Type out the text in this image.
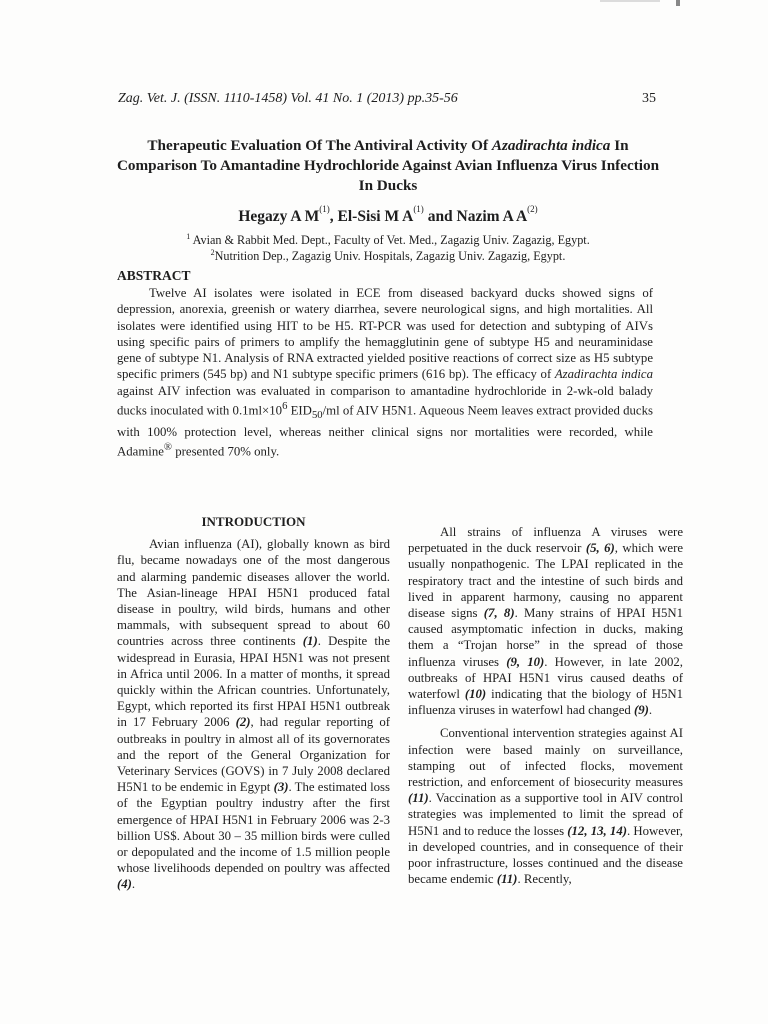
Zag. Vet. J. (ISSN. 1110-1458) Vol. 41 No. 1 (2013) pp.35-56	35
Therapeutic Evaluation Of The Antiviral Activity Of Azadirachta indica In Comparison To Amantadine Hydrochloride Against Avian Influenza Virus Infection In Ducks
Hegazy A $M^{(1)}$, El-Sisi M $A^{(1)}$ and Nazim A $A^{(2)}$
$^1$ Avian & Rabbit Med. Dept., Faculty of Vet. Med., Zagazig Univ. Zagazig, Egypt.
$^2$Nutrition Dep., Zagazig Univ. Hospitals, Zagazig Univ. Zagazig, Egypt.
ABSTRACT
Twelve AI isolates were isolated in ECE from diseased backyard ducks showed signs of depression, anorexia, greenish or watery diarrhea, severe neurological signs, and high mortalities. All isolates were identified using HIT to be H5. RT-PCR was used for detection and subtyping of AIVs using specific pairs of primers to amplify the hemagglutinin gene of subtype H5 and neuraminidase gene of subtype N1. Analysis of RNA extracted yielded positive reactions of correct size as H5 subtype specific primers (545 bp) and N1 subtype specific primers (616 bp). The efficacy of Azadirachta indica against AIV infection was evaluated in comparison to amantadine hydrochloride in 2-wk-old balady ducks inoculated with $0.1ml\times 10^6$ $EID_{50}/ml$ of AIV H5N1. Aqueous Neem leaves extract provided ducks with 100% protection level, whereas neither clinical signs nor mortalities were recorded, while Adamine® presented 70% only.
INTRODUCTION

Avian influenza (AI), globally known as bird flu, became nowadays one of the most dangerous and alarming pandemic diseases allover the world. The Asian-lineage HPAI H5N1 produced fatal disease in poultry, wild birds, humans and other mammals, with subsequent spread to about 60 countries across three continents (1). Despite the widespread in Eurasia, HPAI H5N1 was not present in Africa until 2006. In a matter of months, it spread quickly within the African countries. Unfortunately, Egypt, which reported its first HPAI H5N1 outbreak in 17 February 2006 (2), had regular reporting of outbreaks in poultry in almost all of its governorates and the report of the General Organization for Veterinary Services (GOVS) in 7 July 2008 declared H5N1 to be endemic in Egypt (3). The estimated loss of the Egyptian poultry industry after the first emergence of HPAI H5N1 in February 2006 was 2-3 billion US$. About 30 – 35 million birds were culled or depopulated and the income of 1.5 million people whose livelihoods depended on poultry was affected (4).

All strains of influenza A viruses were perpetuated in the duck reservoir (5, 6), which were usually nonpathogenic. The LPAI replicated in the respiratory tract and the intestine of such birds and lived in apparent harmony, causing no apparent disease signs (7, 8). Many strains of HPAI H5N1 caused asymptomatic infection in ducks, making them a “Trojan horse” in the spread of those influenza viruses (9, 10). However, in late 2002, outbreaks of HPAI H5N1 virus caused deaths of waterfowl (10) indicating that the biology of H5N1 influenza viruses in waterfowl had changed (9).

Conventional intervention strategies against AI infection were based mainly on surveillance, stamping out of infected flocks, movement restriction, and enforcement of biosecurity measures (11). Vaccination as a supportive tool in AIV control strategies was implemented to limit the spread of H5N1 and to reduce the losses (12, 13, 14). However, in developed countries, and in consequence of their poor infrastructure, losses continued and the disease became endemic (11). Recently,
